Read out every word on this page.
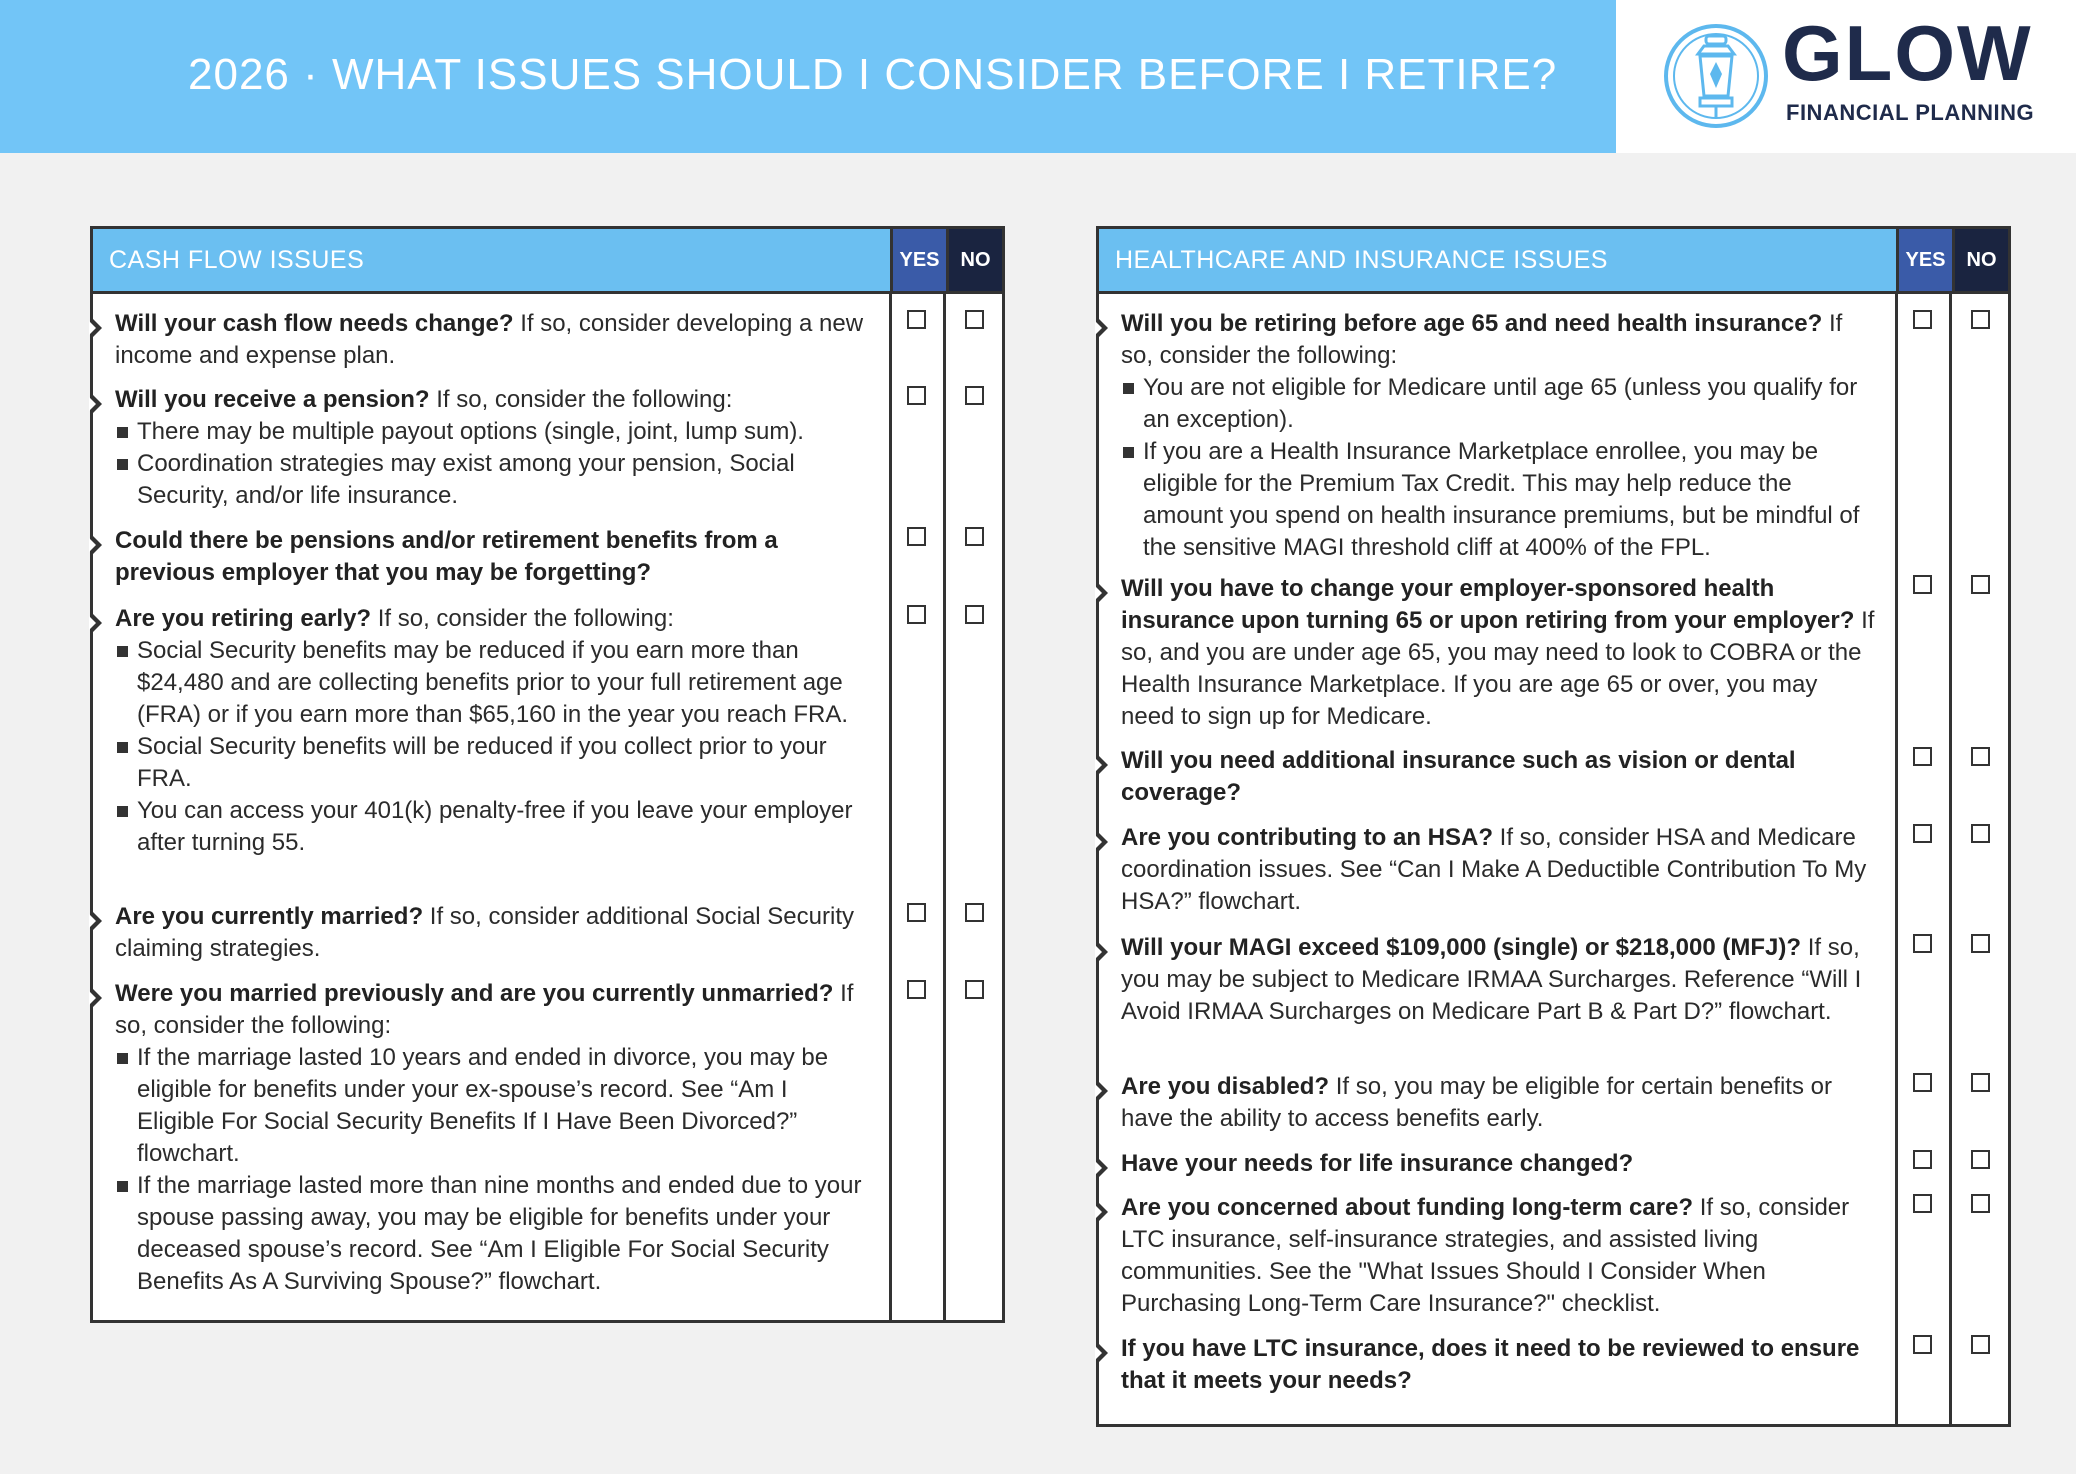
2026 · WHAT ISSUES SHOULD I CONSIDER BEFORE I RETIRE?	GLOW
FINANCIAL PLANNING
CASH FLOW ISSUES	YES	NO
Will your cash flow needs change? If so, consider developing a new income and expense plan.
Will you receive a pension? If so, consider the following:
There may be multiple payout options (single, joint, lump sum).
Coordination strategies may exist among your pension, Social Security, and/or life insurance.
Could there be pensions and/or retirement benefits from a previous employer that you may be forgetting?
Are you retiring early? If so, consider the following:
Social Security benefits may be reduced if you earn more than $24,480 and are collecting benefits prior to your full retirement age (FRA) or if you earn more than $65,160 in the year you reach FRA.
Social Security benefits will be reduced if you collect prior to your FRA.
You can access your 401(k) penalty-free if you leave your employer after turning 55.
Are you currently married? If so, consider additional Social Security claiming strategies.
Were you married previously and are you currently unmarried? If so, consider the following:
If the marriage lasted 10 years and ended in divorce, you may be eligible for benefits under your ex-spouse’s record. See “Am I Eligible For Social Security Benefits If I Have Been Divorced?” flowchart.
If the marriage lasted more than nine months and ended due to your spouse passing away, you may be eligible for benefits under your deceased spouse’s record. See “Am I Eligible For Social Security Benefits As A Surviving Spouse?” flowchart.
HEALTHCARE AND INSURANCE ISSUES	YES	NO
Will you be retiring before age 65 and need health insurance? If so, consider the following:
You are not eligible for Medicare until age 65 (unless you qualify for an exception).
If you are a Health Insurance Marketplace enrollee, you may be eligible for the Premium Tax Credit. This may help reduce the amount you spend on health insurance premiums, but be mindful of the sensitive MAGI threshold cliff at 400% of the FPL.
Will you have to change your employer-sponsored health insurance upon turning 65 or upon retiring from your employer? If so, and you are under age 65, you may need to look to COBRA or the Health Insurance Marketplace. If you are age 65 or over, you may need to sign up for Medicare.
Will you need additional insurance such as vision or dental coverage?
Are you contributing to an HSA? If so, consider HSA and Medicare coordination issues. See “Can I Make A Deductible Contribution To My HSA?” flowchart.
Will your MAGI exceed $109,000 (single) or $218,000 (MFJ)? If so, you may be subject to Medicare IRMAA Surcharges. Reference “Will I Avoid IRMAA Surcharges on Medicare Part B & Part D?” flowchart.
Are you disabled? If so, you may be eligible for certain benefits or have the ability to access benefits early.
Have your needs for life insurance changed?
Are you concerned about funding long-term care? If so, consider LTC insurance, self-insurance strategies, and assisted living communities. See the "What Issues Should I Consider When Purchasing Long-Term Care Insurance?" checklist.
If you have LTC insurance, does it need to be reviewed to ensure that it meets your needs?
